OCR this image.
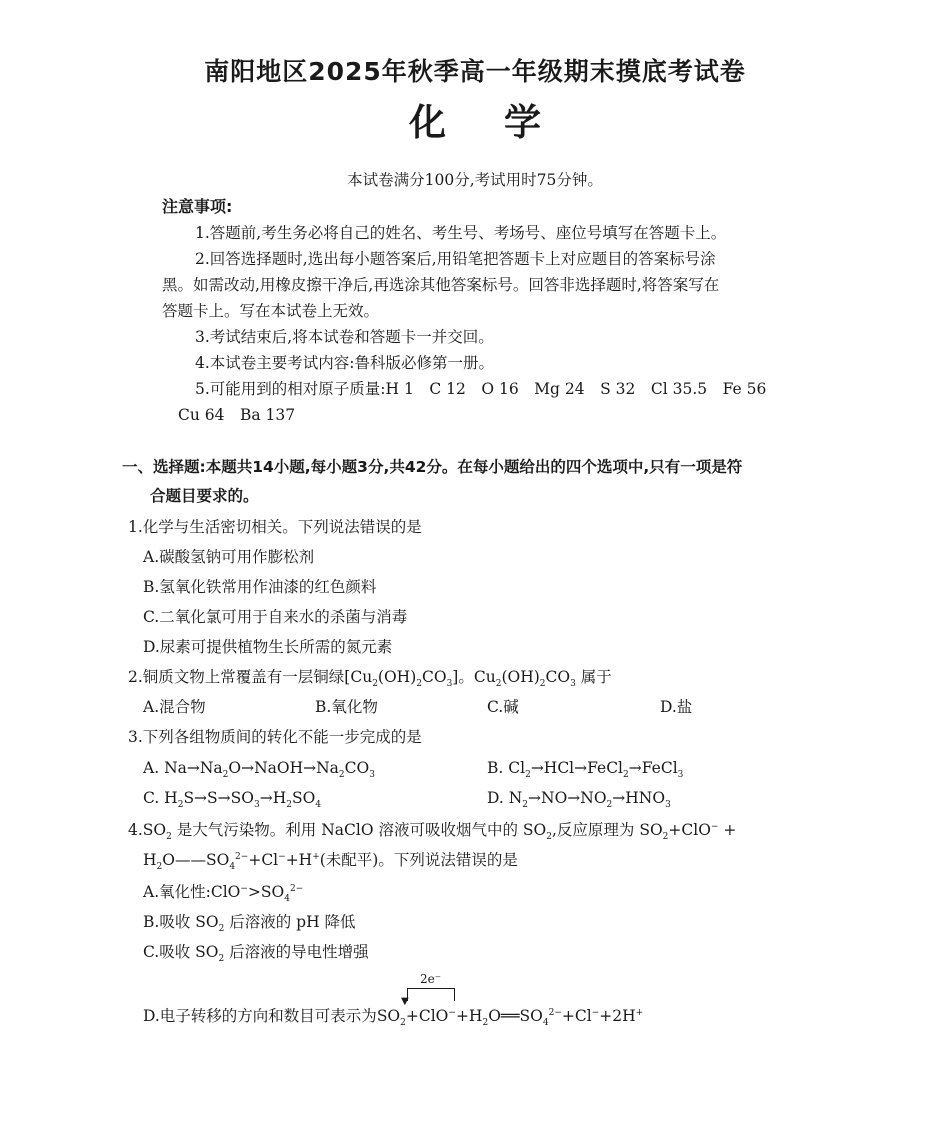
南阳地区2025年秋季高一年级期末摸底考试卷
化学
本试卷满分100分,考试用时75分钟。
注意事项:
1.答题前,考生务必将自己的姓名、考生号、考场号、座位号填写在答题卡上。
2.回答选择题时,选出每小题答案后,用铅笔把答题卡上对应题目的答案标号涂
黑。如需改动,用橡皮擦干净后,再选涂其他答案标号。回答非选择题时,将答案写在
答题卡上。写在本试卷上无效。
3.考试结束后,将本试卷和答题卡一并交回。
4.本试卷主要考试内容:鲁科版必修第一册。
5.可能用到的相对原子质量:H 1　C 12　O 16　Mg 24　S 32　Cl 35.5　Fe 56
Cu 64　Ba 137
一、选择题:本题共14小题,每小题3分,共42分。在每小题给出的四个选项中,只有一项是符
合题目要求的。
1.化学与生活密切相关。下列说法错误的是
A.碳酸氢钠可用作膨松剂
B.氢氧化铁常用作油漆的红色颜料
C.二氧化氯可用于自来水的杀菌与消毒
D.尿素可提供植物生长所需的氮元素
2.铜质文物上常覆盖有一层铜绿$[Cu_2(OH)_2CO_3]$。$Cu_2(OH)_2CO_3$ 属于
A.混合物	B.氧化物	C.碱	D.盐
3.下列各组物质间的转化不能一步完成的是
A. $Na\to Na_2O\to NaOH\to Na_2CO_3$	B. $Cl_2\to HCl\to FeCl_2\to FeCl_3$
C. $H_2S\to S\to SO_3\to H_2SO_4$	D. $N_2\to NO\to NO_2\to HNO_3$
$4.SO_2$ 是大气污染物。利用 NaClO 溶液可吸收烟气中的 $SO_2$,反应原理为 $SO_2+ClO^-$ +
$H_2O——SO_4^{2-}+Cl^-+H^+$(未配平)。下列说法错误的是
A.氧化性$:ClO^->SO_4^{2-}$
B.吸收 $SO_2$ 后溶液的 pH 降低
C.吸收 $SO_2$ 后溶液的导电性增强
2e⁻
▼
D.电子转移的方向和数目可表示为$SO_2+ClO^-+H_2O══SO_4^{2-}+Cl^-+2H^+$
